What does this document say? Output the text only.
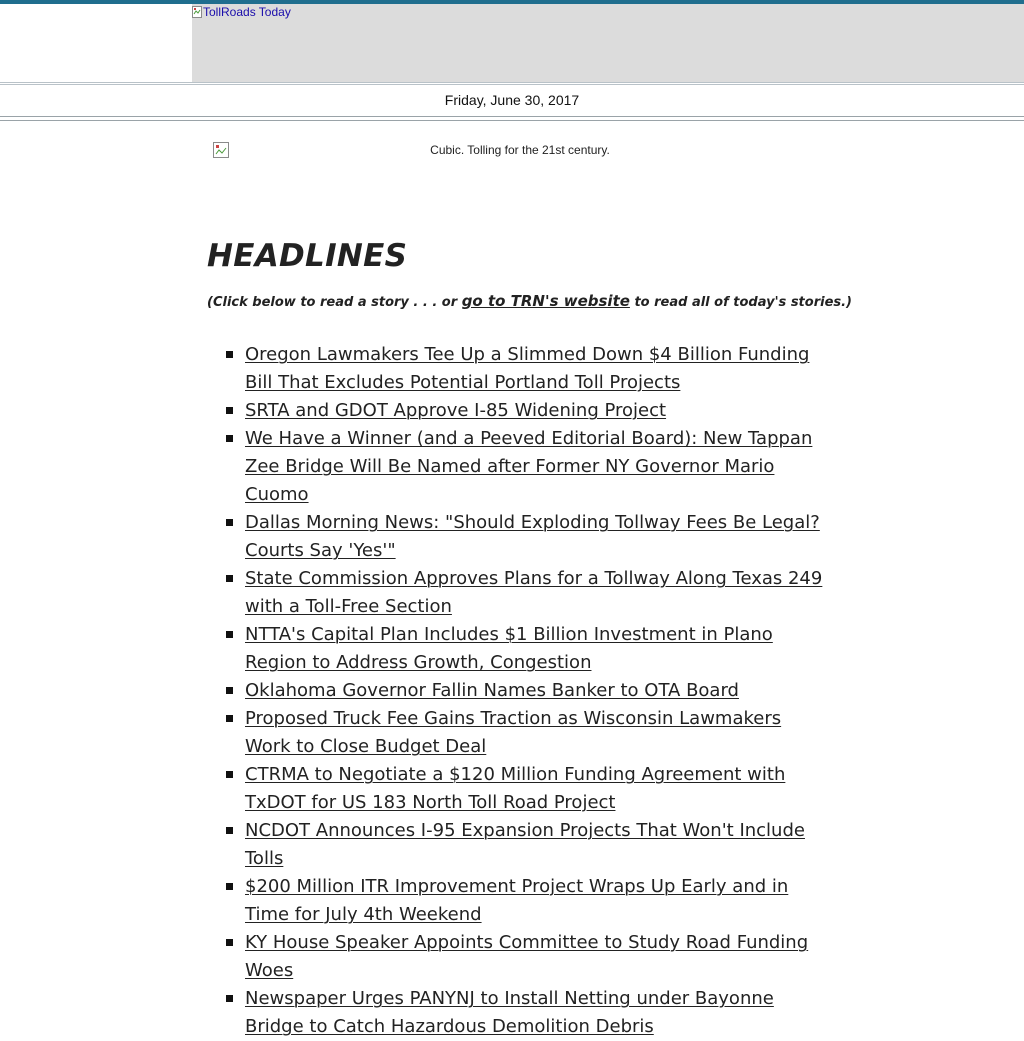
TollRoads Today
Friday, June 30, 2017
Cubic. Tolling for the 21st century.
HEADLINES
(Click below to read a story . . . or go to TRN's website to read all of today's stories.)
Oregon Lawmakers Tee Up a Slimmed Down $4 Billion Funding Bill That Excludes Potential Portland Toll Projects
SRTA and GDOT Approve I-85 Widening Project
We Have a Winner (and a Peeved Editorial Board): New Tappan Zee Bridge Will Be Named after Former NY Governor Mario Cuomo
Dallas Morning News: "Should Exploding Tollway Fees Be Legal? Courts Say 'Yes'"
State Commission Approves Plans for a Tollway Along Texas 249 with a Toll-Free Section
NTTA's Capital Plan Includes $1 Billion Investment in Plano Region to Address Growth, Congestion
Oklahoma Governor Fallin Names Banker to OTA Board
Proposed Truck Fee Gains Traction as Wisconsin Lawmakers Work to Close Budget Deal
CTRMA to Negotiate a $120 Million Funding Agreement with TxDOT for US 183 North Toll Road Project
NCDOT Announces I-95 Expansion Projects That Won't Include Tolls
$200 Million ITR Improvement Project Wraps Up Early and in Time for July 4th Weekend
KY House Speaker Appoints Committee to Study Road Funding Woes
Newspaper Urges PANYNJ to Install Netting under Bayonne Bridge to Catch Hazardous Demolition Debris
